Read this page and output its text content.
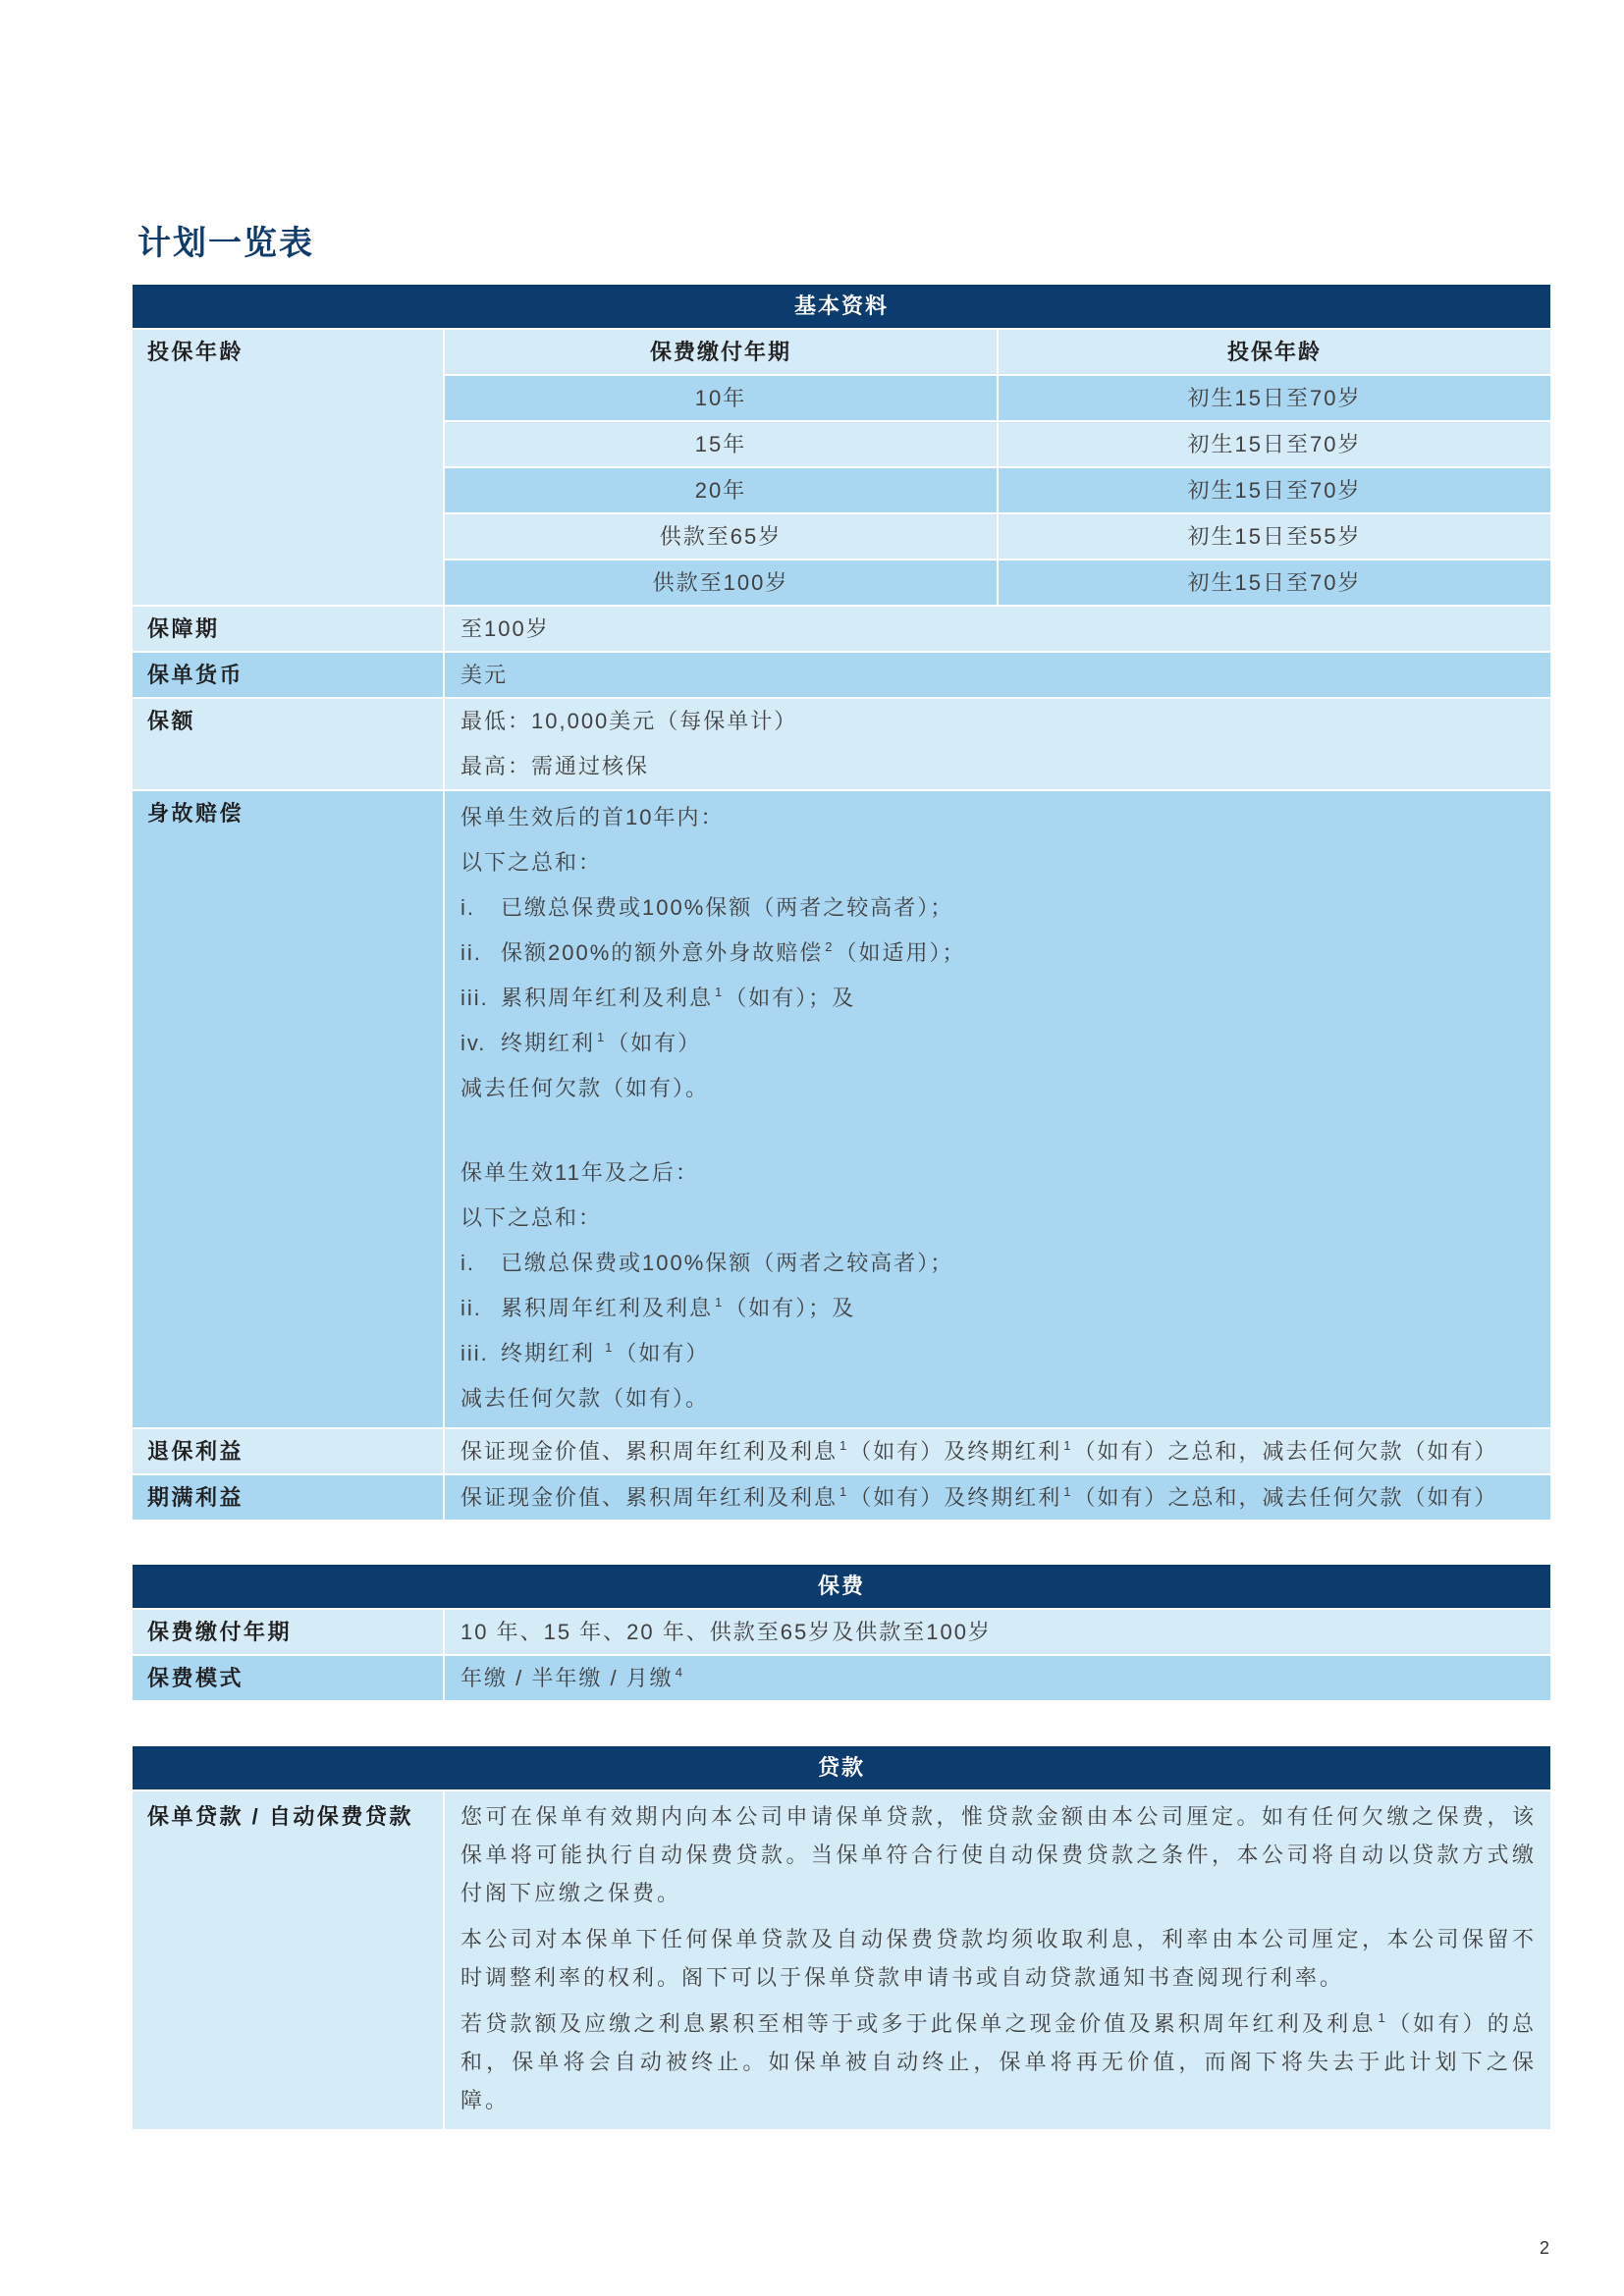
计划一览表
基本资料
投保年龄	保费缴付年期	投保年龄
10年	初生15日至70岁
15年	初生15日至70岁
20年	初生15日至70岁
供款至65岁	初生15日至55岁
供款至100岁	初生15日至70岁
保障期	至100岁
保单货币	美元
保额	最低：10,000美元（每保单计）
最高：需通过核保
身故赔偿	保单生效后的首10年内：
以下之总和：
i. 已缴总保费或100%保额（两者之较高者）；
ii. 保额200%的额外意外身故赔偿 $^2$ （如适用）；
iii. 累积周年红利及利息 $^1$ （如有）；及
iv. 终期红利 $^1$ （如有）
减去任何欠款（如有）。
保单生效11年及之后：
以下之总和：
i. 已缴总保费或100%保额（两者之较高者）；
ii. 累积周年红利及利息 $^1$ （如有）；及
iii. 终期红利 $^1$ （如有）
减去任何欠款（如有）。
退保利益	保证现金价值、累积周年红利及利息 $^1$ （如有）及终期红利 $^1$ （如有）之总和，减去任何欠款（如有）
期满利益	保证现金价值、累积周年红利及利息 $^1$ （如有）及终期红利 $^1$ （如有）之总和，减去任何欠款（如有）
保费
保费缴付年期	10 年、15 年、20 年、供款至65岁及供款至100岁
保费模式	年缴 / 半年缴 / 月缴 $^4$
贷款
保单贷款 / 自动保费贷款	您可在保单有效期内向本公司申请保单贷款，惟贷款金额由本公司厘定。如有任何欠缴之保费，该保单将可能执行自动保费贷款。当保单符合行使自动保费贷款之条件，本公司将自动以贷款方式缴付阁下应缴之保费。

本公司对本保单下任何保单贷款及自动保费贷款均须收取利息，利率由本公司厘定，本公司保留不时调整利率的权利。阁下可以于保单贷款申请书或自动贷款通知书查阅现行利率。

若贷款额及应缴之利息累积至相等于或多于此保单之现金价值及累积周年红利及利息 $^1$ （如有）的总和，保单将会自动被终止。如保单被自动终止，保单将再无价值，而阁下将失去于此计划下之保障。

2
